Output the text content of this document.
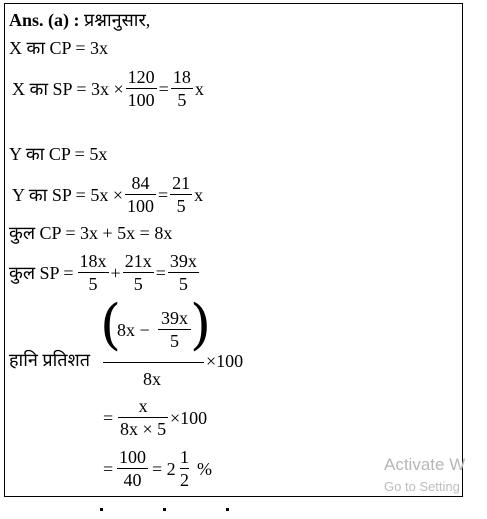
Ans. (a) : प्रश्नानुसार,
X का CP = 3x
X का SP = $3x \times \frac{120}{100} = \frac{18}{5}$ x
Y का CP = 5x
Y का SP = $5x \times \frac{84}{100} = \frac{21}{5}$ x
कुल CP = 3x + 5x = 8x
कुल SP = $\frac{18x}{5} + \frac{21x}{5} = \frac{39x}{5}$
हानि प्रतिशत
(
8x −
39x
5 )
8x
×100
=
x
8x × 5
×100
=
100
40
= 2
1
2
%	Activate W
Go to Setting
